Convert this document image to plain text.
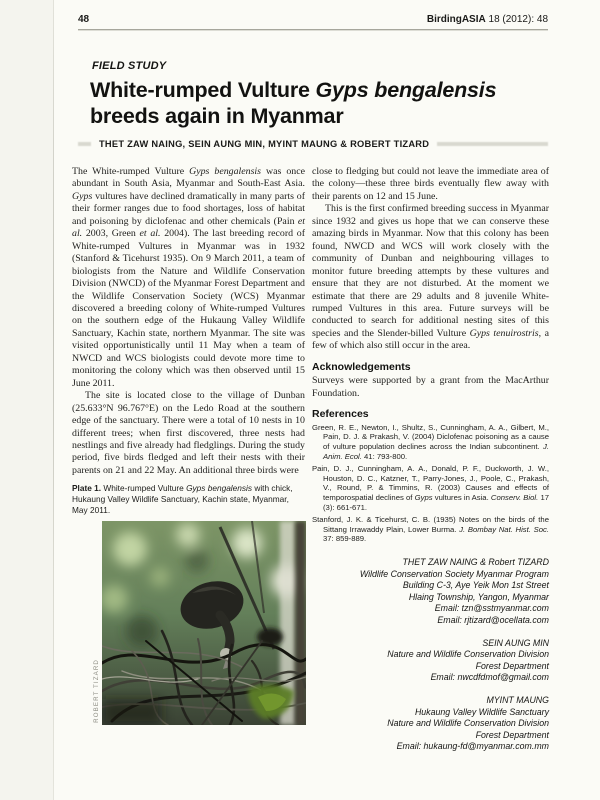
48	BirdingASIA 18 (2012): 48
FIELD STUDY
White-rumped Vulture Gyps bengalensis
breeds again in Myanmar
THET ZAW NAING, SEIN AUNG MIN, MYINT MAUNG & ROBERT TIZARD

The White-rumped Vulture Gyps bengalensis was once abundant in South Asia, Myanmar and South-East Asia. Gyps vultures have declined dramatically in many parts of their former ranges due to food shortages, loss of habitat and poisoning by diclofenac and other chemicals (Pain et al. 2003, Green et al. 2004). The last breeding record of White-rumped Vultures in Myanmar was in 1932 (Stanford & Ticehurst 1935). On 9 March 2011, a team of biologists from the Nature and Wildlife Conservation Division (NWCD) of the Myanmar Forest Department and the Wildlife Conservation Society (WCS) Myanmar discovered a breeding colony of White-rumped Vultures on the southern edge of the Hukaung Valley Wildlife Sanctuary, Kachin state, northern Myanmar. The site was visited opportunistically until 11 May when a team of NWCD and WCS biologists could devote more time to monitoring the colony which was then observed until 15 June 2011.

The site is located close to the village of Dunban (25.633°N 96.767°E) on the Ledo Road at the southern edge of the sanctuary. There were a total of 10 nests in 10 different trees; when first discovered, three nests had nestlings and five already had fledglings. During the study period, five birds fledged and left their nests with their parents on 21 and 22 May. An additional three birds were

Plate 1. White-rumped Vulture Gyps bengalensis with chick, Hukaung Valley Wildlife Sanctuary, Kachin state, Myanmar, May 2011.

ROBERT TIZARD

close to fledging but could not leave the immediate area of the colony—these three birds eventually flew away with their parents on 12 and 15 June.

This is the first confirmed breeding success in Myanmar since 1932 and gives us hope that we can conserve these amazing birds in Myanmar. Now that this colony has been found, NWCD and WCS will work closely with the community of Dunban and neighbouring villages to monitor future breeding attempts by these vultures and ensure that they are not disturbed. At the moment we estimate that there are 29 adults and 8 juvenile White-rumped Vultures in this area. Future surveys will be conducted to search for additional nesting sites of this species and the Slender-billed Vulture Gyps tenuirostris, a few of which also still occur in the area.

Acknowledgements

Surveys were supported by a grant from the MacArthur Foundation.

References

Green, R. E., Newton, I., Shultz, S., Cunningham, A. A., Gilbert, M., Pain, D. J. & Prakash, V. (2004) Diclofenac poisoning as a cause of vulture population declines across the Indian subcontinent. J. Anim. Ecol. 41: 793-800.

Pain, D. J., Cunningham, A. A., Donald, P. F., Duckworth, J. W., Houston, D. C., Katzner, T., Parry-Jones, J., Poole, C., Prakash, V., Round, P. & Timmins, R. (2003) Causes and effects of temporospatial declines of Gyps vultures in Asia. Conserv. Biol. 17 (3): 661-671.

Stanford, J. K. & Ticehurst, C. B. (1935) Notes on the birds of the Sittang Irrawaddy Plain, Lower Burma. J. Bombay Nat. Hist. Soc. 37: 859-889.

THET ZAW NAING & Robert TIZARD
Wildlife Conservation Society Myanmar Program
Building C-3, Aye Yeik Mon 1st Street
Hlaing Township, Yangon, Myanmar
Email: tzn@sstmyanmar.com
Email: rjtizard@ocellata.com
SEIN AUNG MIN
Nature and Wildlife Conservation Division
Forest Department
Email: nwcdfdmof@gmail.com
MYINT MAUNG
Hukaung Valley Wildlife Sanctuary
Nature and Wildlife Conservation Division
Forest Department
Email: hukaung-fd@myanmar.com.mm
